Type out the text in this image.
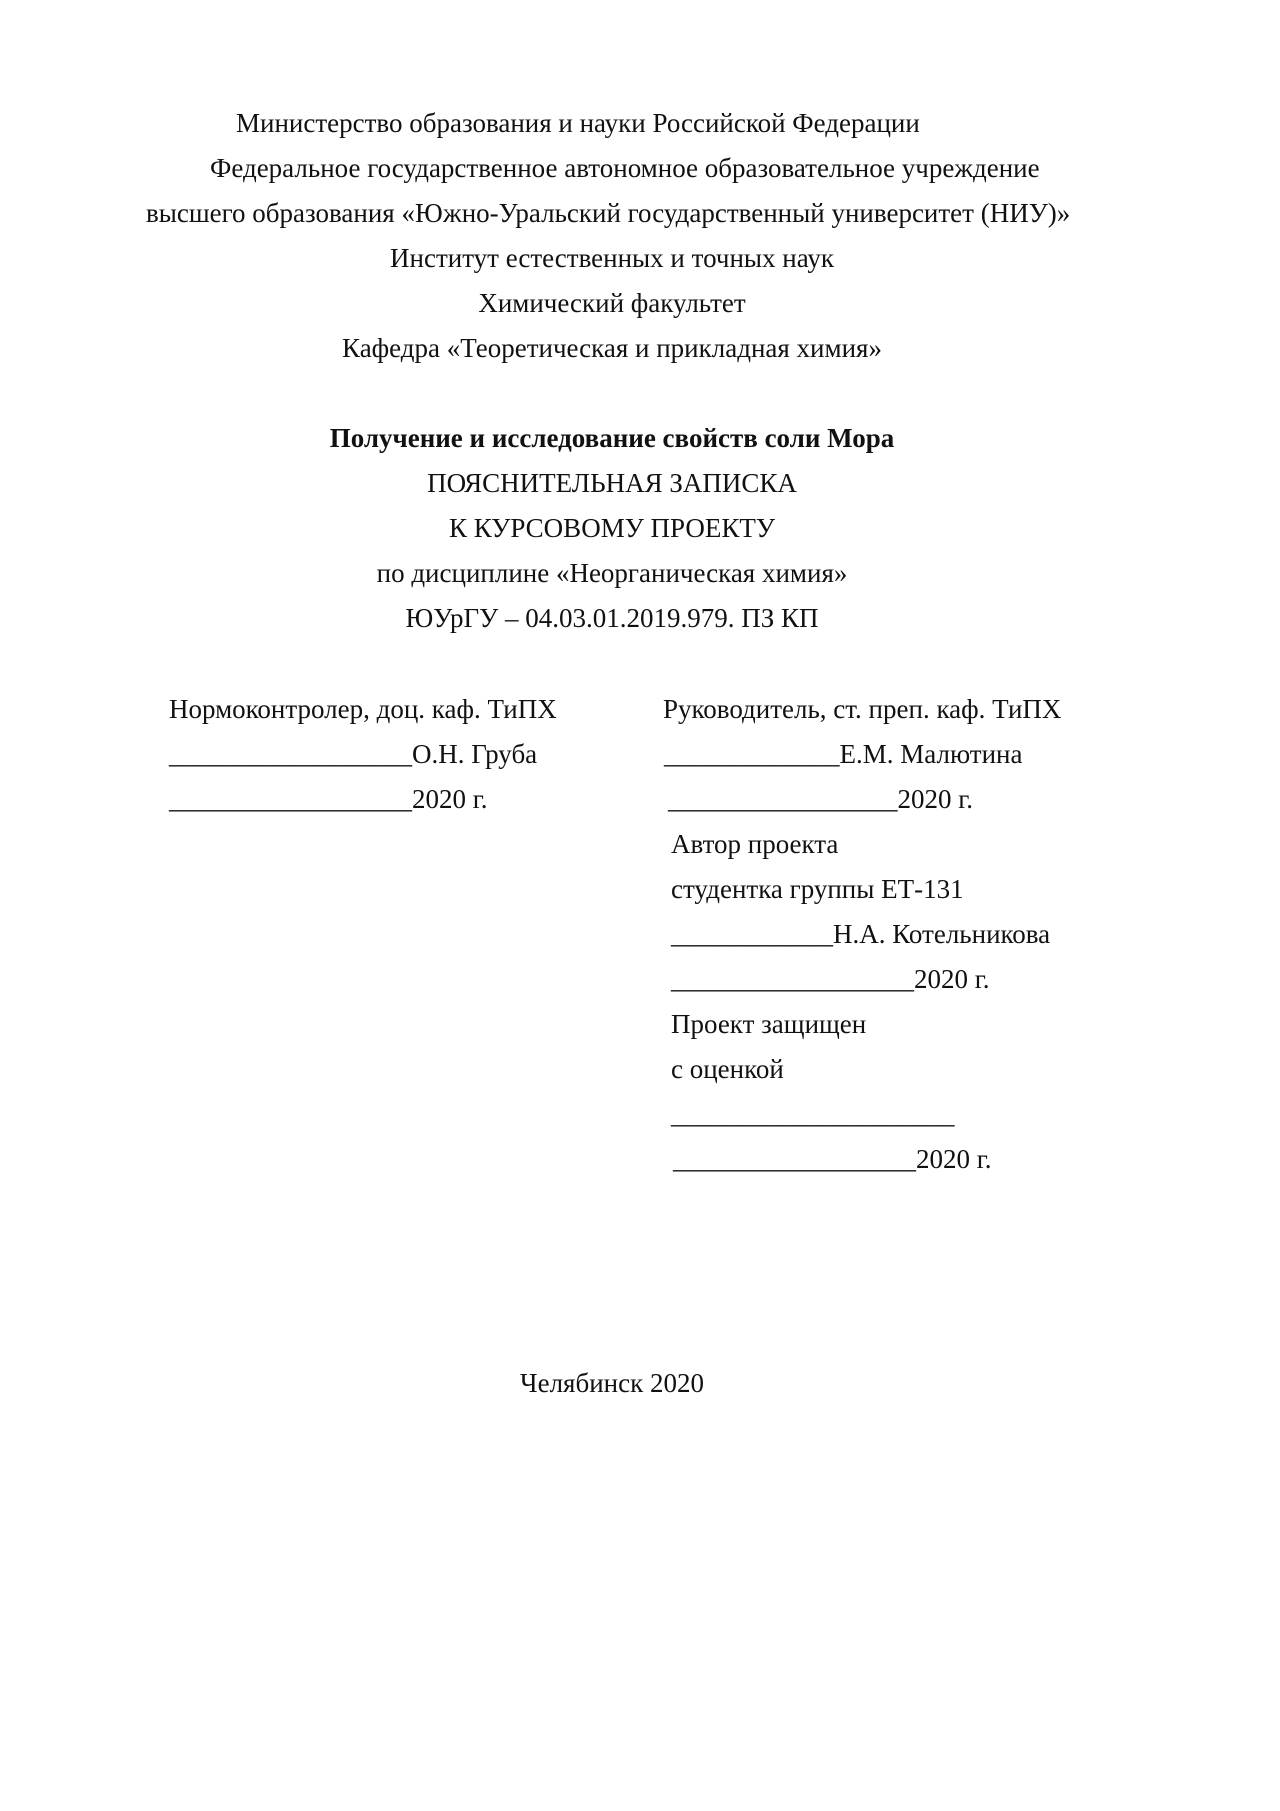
Министерство образования и науки Российской Федерации
Федеральное государственное автономное образовательное учреждение
высшего образования «Южно-Уральский государственный университет (НИУ)»
Институт естественных и точных наук
Химический факультет
Кафедра «Теоретическая и прикладная химия»
Получение и исследование свойств соли Мора
ПОЯСНИТЕЛЬНАЯ ЗАПИСКА
К КУРСОВОМУ ПРОЕКТУ
по дисциплине «Неорганическая химия»
ЮУрГУ – 04.03.01.2019.979. ПЗ КП
Нормоконтролер, доц. каф. ТиПХ
__________________О.Н. Груба
__________________2020 г.
Руководитель, ст. преп. каф. ТиПХ
_____________Е.М. Малютина
_________________2020 г.
Автор проекта
студентка группы ЕТ-131
____________Н.А. Котельникова
__________________2020 г.
Проект защищен
с оценкой
_____________________
__________________2020 г.
Челябинск 2020
